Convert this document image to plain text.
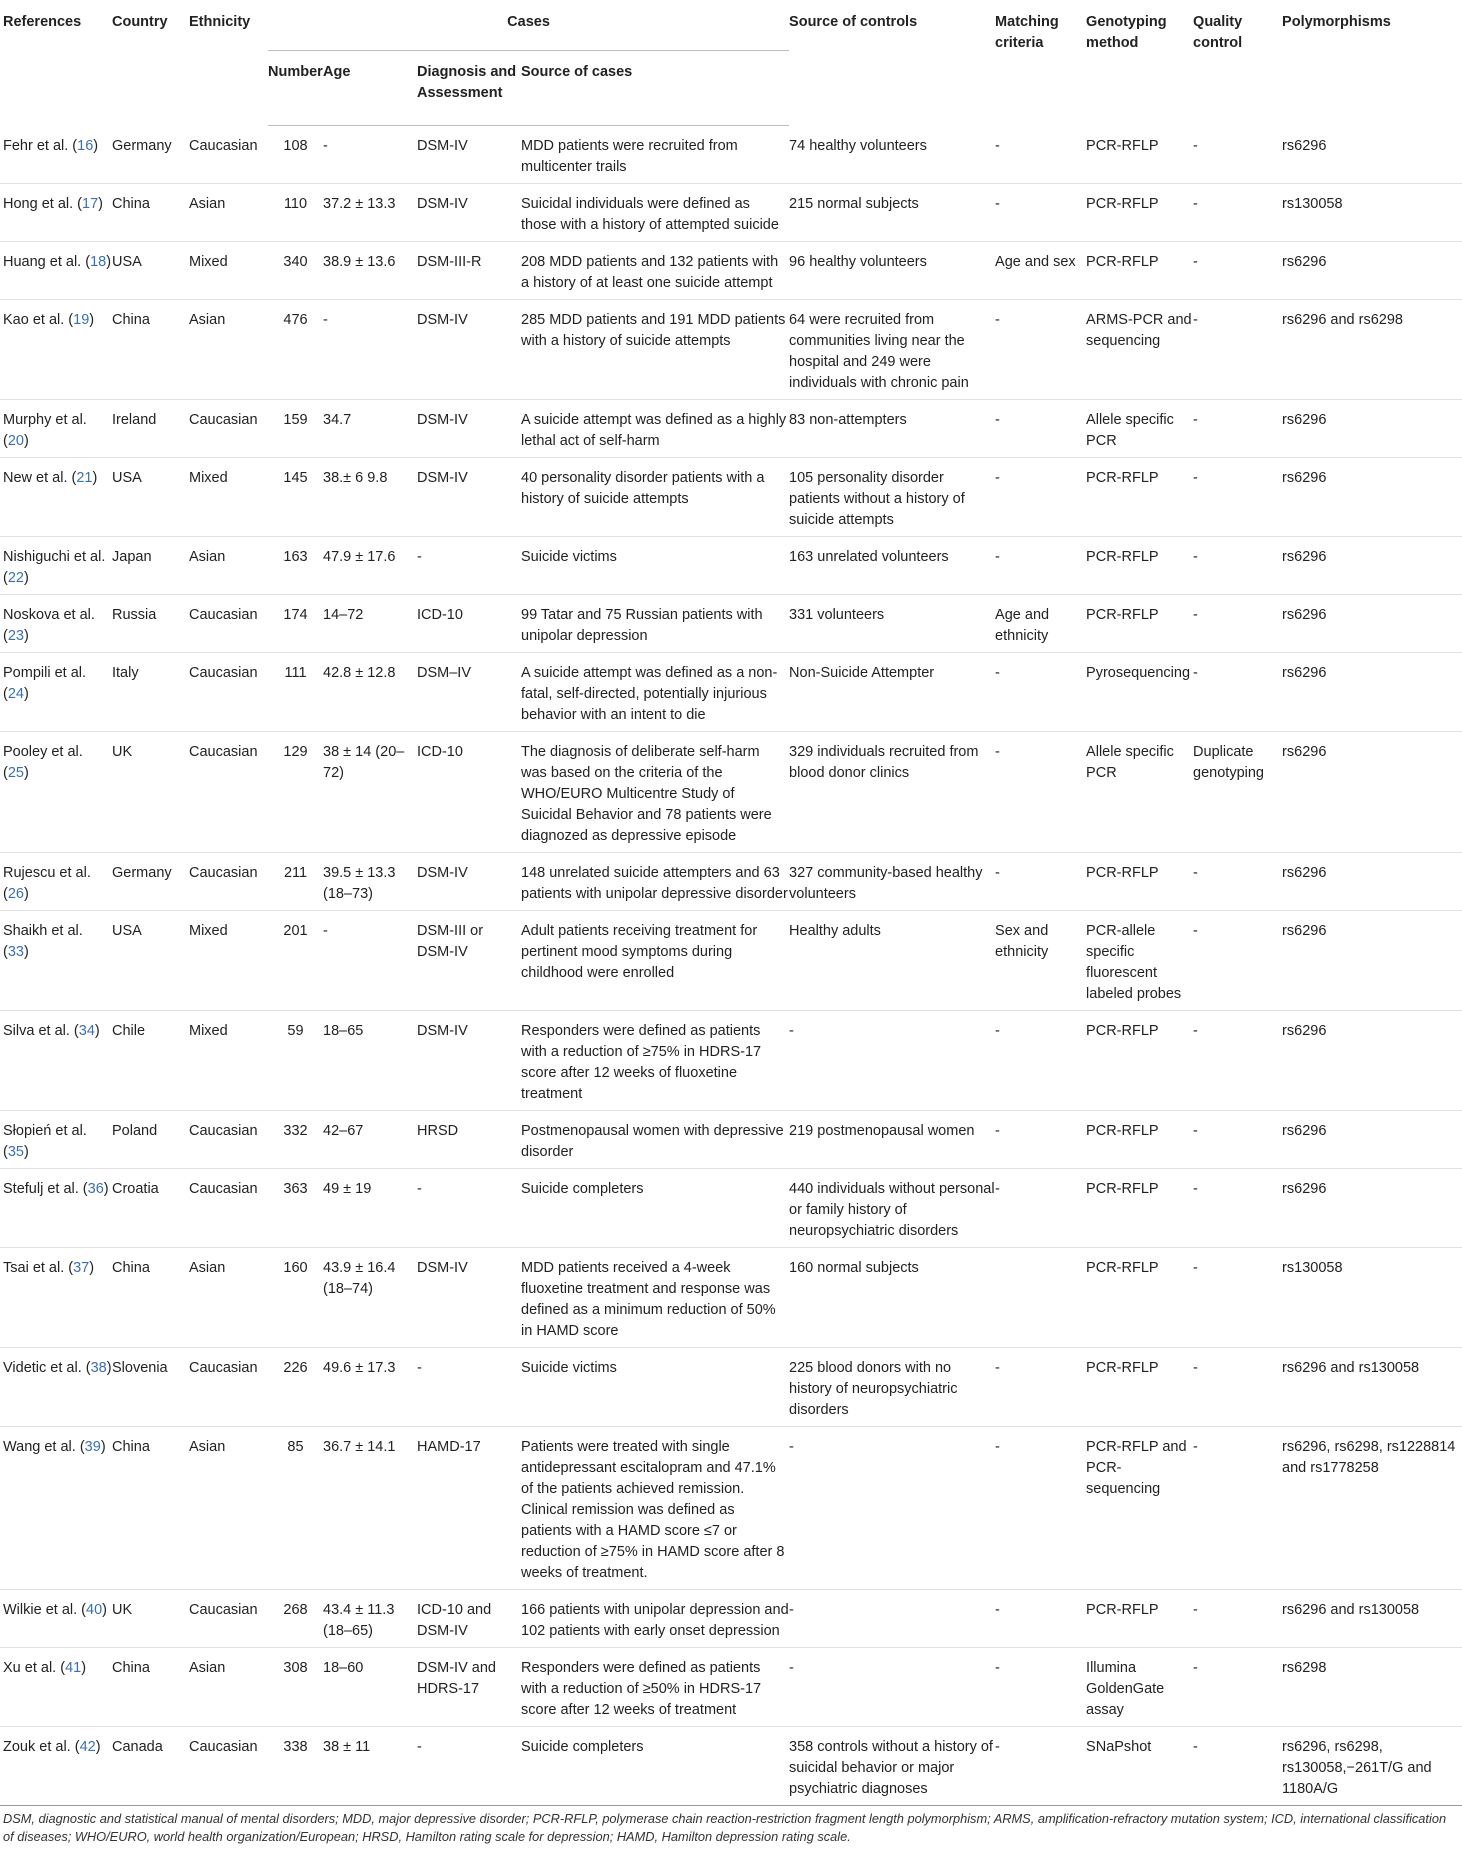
References	Country	Ethnicity	Cases				Source of controls	Matching criteria	Genotyping method	Quality control	Polymorphisms
			Number	Age	Diagnosis and Assessment	Source of cases					
Fehr et al. (16)	Germany	Caucasian	108	-	DSM-IV	MDD patients were recruited from multicenter trails	74 healthy volunteers	-	PCR-RFLP	-	rs6296
Hong et al. (17)	China	Asian	110	37.2 ± 13.3	DSM-IV	Suicidal individuals were defined as those with a history of attempted suicide	215 normal subjects	-	PCR-RFLP	-	rs130058
Huang et al. (18)	USA	Mixed	340	38.9 ± 13.6	DSM-III-R	208 MDD patients and 132 patients with a history of at least one suicide attempt	96 healthy volunteers	Age and sex	PCR-RFLP	-	rs6296
Kao et al. (19)	China	Asian	476	-	DSM-IV	285 MDD patients and 191 MDD patients with a history of suicide attempts	64 were recruited from communities living near the hospital and 249 were individuals with chronic pain	-	ARMS-PCR and sequencing	-	rs6296 and rs6298
Murphy et al. (20)	Ireland	Caucasian	159	34.7	DSM-IV	A suicide attempt was defined as a highly lethal act of self-harm	83 non-attempters	-	Allele specific PCR	-	rs6296
New et al. (21)	USA	Mixed	145	38.± 6 9.8	DSM-IV	40 personality disorder patients with a history of suicide attempts	105 personality disorder patients without a history of suicide attempts	-	PCR-RFLP	-	rs6296
Nishiguchi et al. (22)	Japan	Asian	163	47.9 ± 17.6	-	Suicide victims	163 unrelated volunteers	-	PCR-RFLP	-	rs6296
Noskova et al. (23)	Russia	Caucasian	174	14–72	ICD-10	99 Tatar and 75 Russian patients with unipolar depression	331 volunteers	Age and ethnicity	PCR-RFLP	-	rs6296
Pompili et al. (24)	Italy	Caucasian	111	42.8 ± 12.8	DSM–IV	A suicide attempt was defined as a non-fatal, self-directed, potentially injurious behavior with an intent to die	Non-Suicide Attempter	-	Pyrosequencing	-	rs6296
Pooley et al. (25)	UK	Caucasian	129	38 ± 14 (20–72)	ICD-10	The diagnosis of deliberate self-harm was based on the criteria of the WHO/EURO Multicentre Study of Suicidal Behavior and 78 patients were diagnozed as depressive episode	329 individuals recruited from blood donor clinics	-	Allele specific PCR	Duplicate genotyping	rs6296
Rujescu et al. (26)	Germany	Caucasian	211	39.5 ± 13.3 (18–73)	DSM-IV	148 unrelated suicide attempters and 63 patients with unipolar depressive disorder	327 community-based healthy volunteers	-	PCR-RFLP	-	rs6296
Shaikh et al. (33)	USA	Mixed	201	-	DSM-III or DSM-IV	Adult patients receiving treatment for pertinent mood symptoms during childhood were enrolled	Healthy adults	Sex and ethnicity	PCR-allele specific fluorescent labeled probes	-	rs6296
Silva et al. (34)	Chile	Mixed	59	18–65	DSM-IV	Responders were defined as patients with a reduction of ≥75% in HDRS-17 score after 12 weeks of fluoxetine treatment	-	-	PCR-RFLP	-	rs6296
Słopień et al. (35)	Poland	Caucasian	332	42–67	HRSD	Postmenopausal women with depressive disorder	219 postmenopausal women	-	PCR-RFLP	-	rs6296
Stefulj et al. (36)	Croatia	Caucasian	363	49 ± 19	-	Suicide completers	440 individuals without personal or family history of neuropsychiatric disorders	-	PCR-RFLP	-	rs6296
Tsai et al. (37)	China	Asian	160	43.9 ± 16.4 (18–74)	DSM-IV	MDD patients received a 4-week fluoxetine treatment and response was defined as a minimum reduction of 50% in HAMD score	160 normal subjects		PCR-RFLP	-	rs130058
Videtic et al. (38)	Slovenia	Caucasian	226	49.6 ± 17.3	-	Suicide victims	225 blood donors with no history of neuropsychiatric disorders	-	PCR-RFLP	-	rs6296 and rs130058
Wang et al. (39)	China	Asian	85	36.7 ± 14.1	HAMD-17	Patients were treated with single antidepressant escitalopram and 47.1% of the patients achieved remission. Clinical remission was defined as patients with a HAMD score ≤7 or reduction of ≥75% in HAMD score after 8 weeks of treatment.	-	-	PCR-RFLP and PCR-sequencing	-	rs6296, rs6298, rs1228814 and rs1778258
Wilkie et al. (40)	UK	Caucasian	268	43.4 ± 11.3 (18–65)	ICD-10 and DSM-IV	166 patients with unipolar depression and 102 patients with early onset depression	-	-	PCR-RFLP	-	rs6296 and rs130058
Xu et al. (41)	China	Asian	308	18–60	DSM-IV and HDRS-17	Responders were defined as patients with a reduction of ≥50% in HDRS-17 score after 12 weeks of treatment	-	-	Illumina GoldenGate assay	-	rs6298
Zouk et al. (42)	Canada	Caucasian	338	38 ± 11	-	Suicide completers	358 controls without a history of suicidal behavior or major psychiatric diagnoses	-	SNaPshot	-	rs6296, rs6298, rs130058,−261T/G and 1180A/G
DSM, diagnostic and statistical manual of mental disorders; MDD, major depressive disorder; PCR-RFLP, polymerase chain reaction-restriction fragment length polymorphism; ARMS, amplification-refractory mutation system; ICD, international classification of diseases; WHO/EURO, world health organization/European; HRSD, Hamilton rating scale for depression; HAMD, Hamilton depression rating scale.
